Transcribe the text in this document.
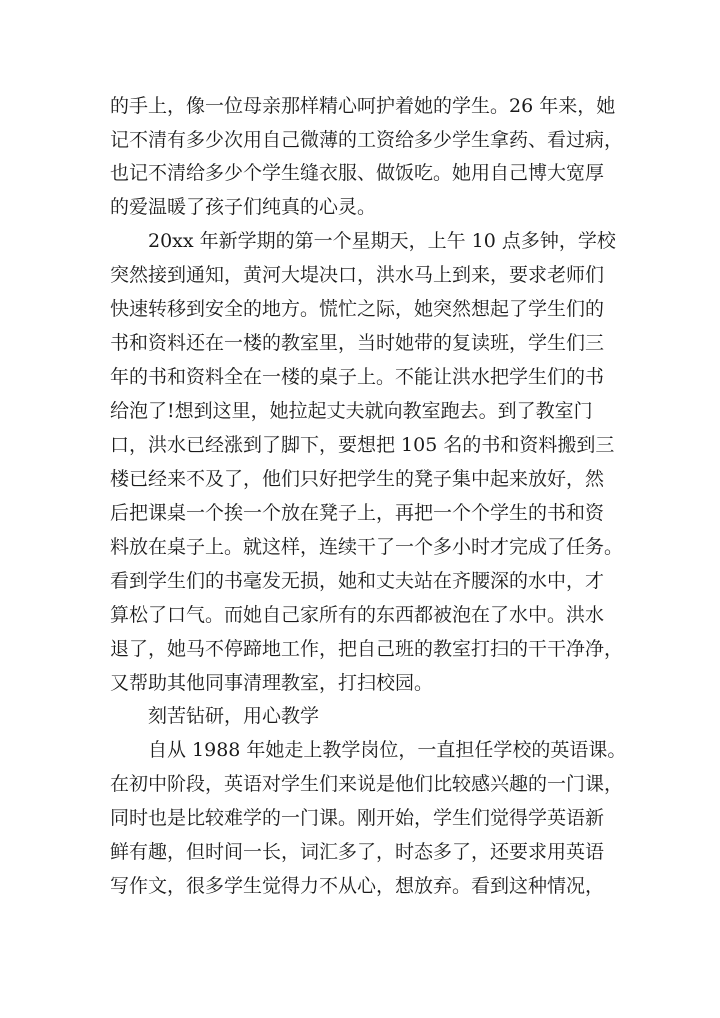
的手上，像一位母亲那样精心呵护着她的学生。26 年来，她
记不清有多少次用自己微薄的工资给多少学生拿药、看过病，
也记不清给多少个学生缝衣服、做饭吃。她用自己博大宽厚
的爱温暖了孩子们纯真的心灵。
20xx 年新学期的第一个星期天，上午 10 点多钟，学校
突然接到通知，黄河大堤决口，洪水马上到来，要求老师们
快速转移到安全的地方。慌忙之际，她突然想起了学生们的
书和资料还在一楼的教室里，当时她带的复读班，学生们三
年的书和资料全在一楼的桌子上。不能让洪水把学生们的书
给泡了!想到这里，她拉起丈夫就向教室跑去。到了教室门
口，洪水已经涨到了脚下，要想把 105 名的书和资料搬到三
楼已经来不及了，他们只好把学生的凳子集中起来放好，然
后把课桌一个挨一个放在凳子上，再把一个个学生的书和资
料放在桌子上。就这样，连续干了一个多小时才完成了任务。
看到学生们的书毫发无损，她和丈夫站在齐腰深的水中，才
算松了口气。而她自己家所有的东西都被泡在了水中。洪水
退了，她马不停蹄地工作，把自己班的教室打扫的干干净净，
又帮助其他同事清理教室，打扫校园。
刻苦钻研，用心教学
自从 1988 年她走上教学岗位，一直担任学校的英语课。
在初中阶段，英语对学生们来说是他们比较感兴趣的一门课，
同时也是比较难学的一门课。刚开始，学生们觉得学英语新
鲜有趣，但时间一长，词汇多了，时态多了，还要求用英语
写作文，很多学生觉得力不从心，想放弃。看到这种情况，
